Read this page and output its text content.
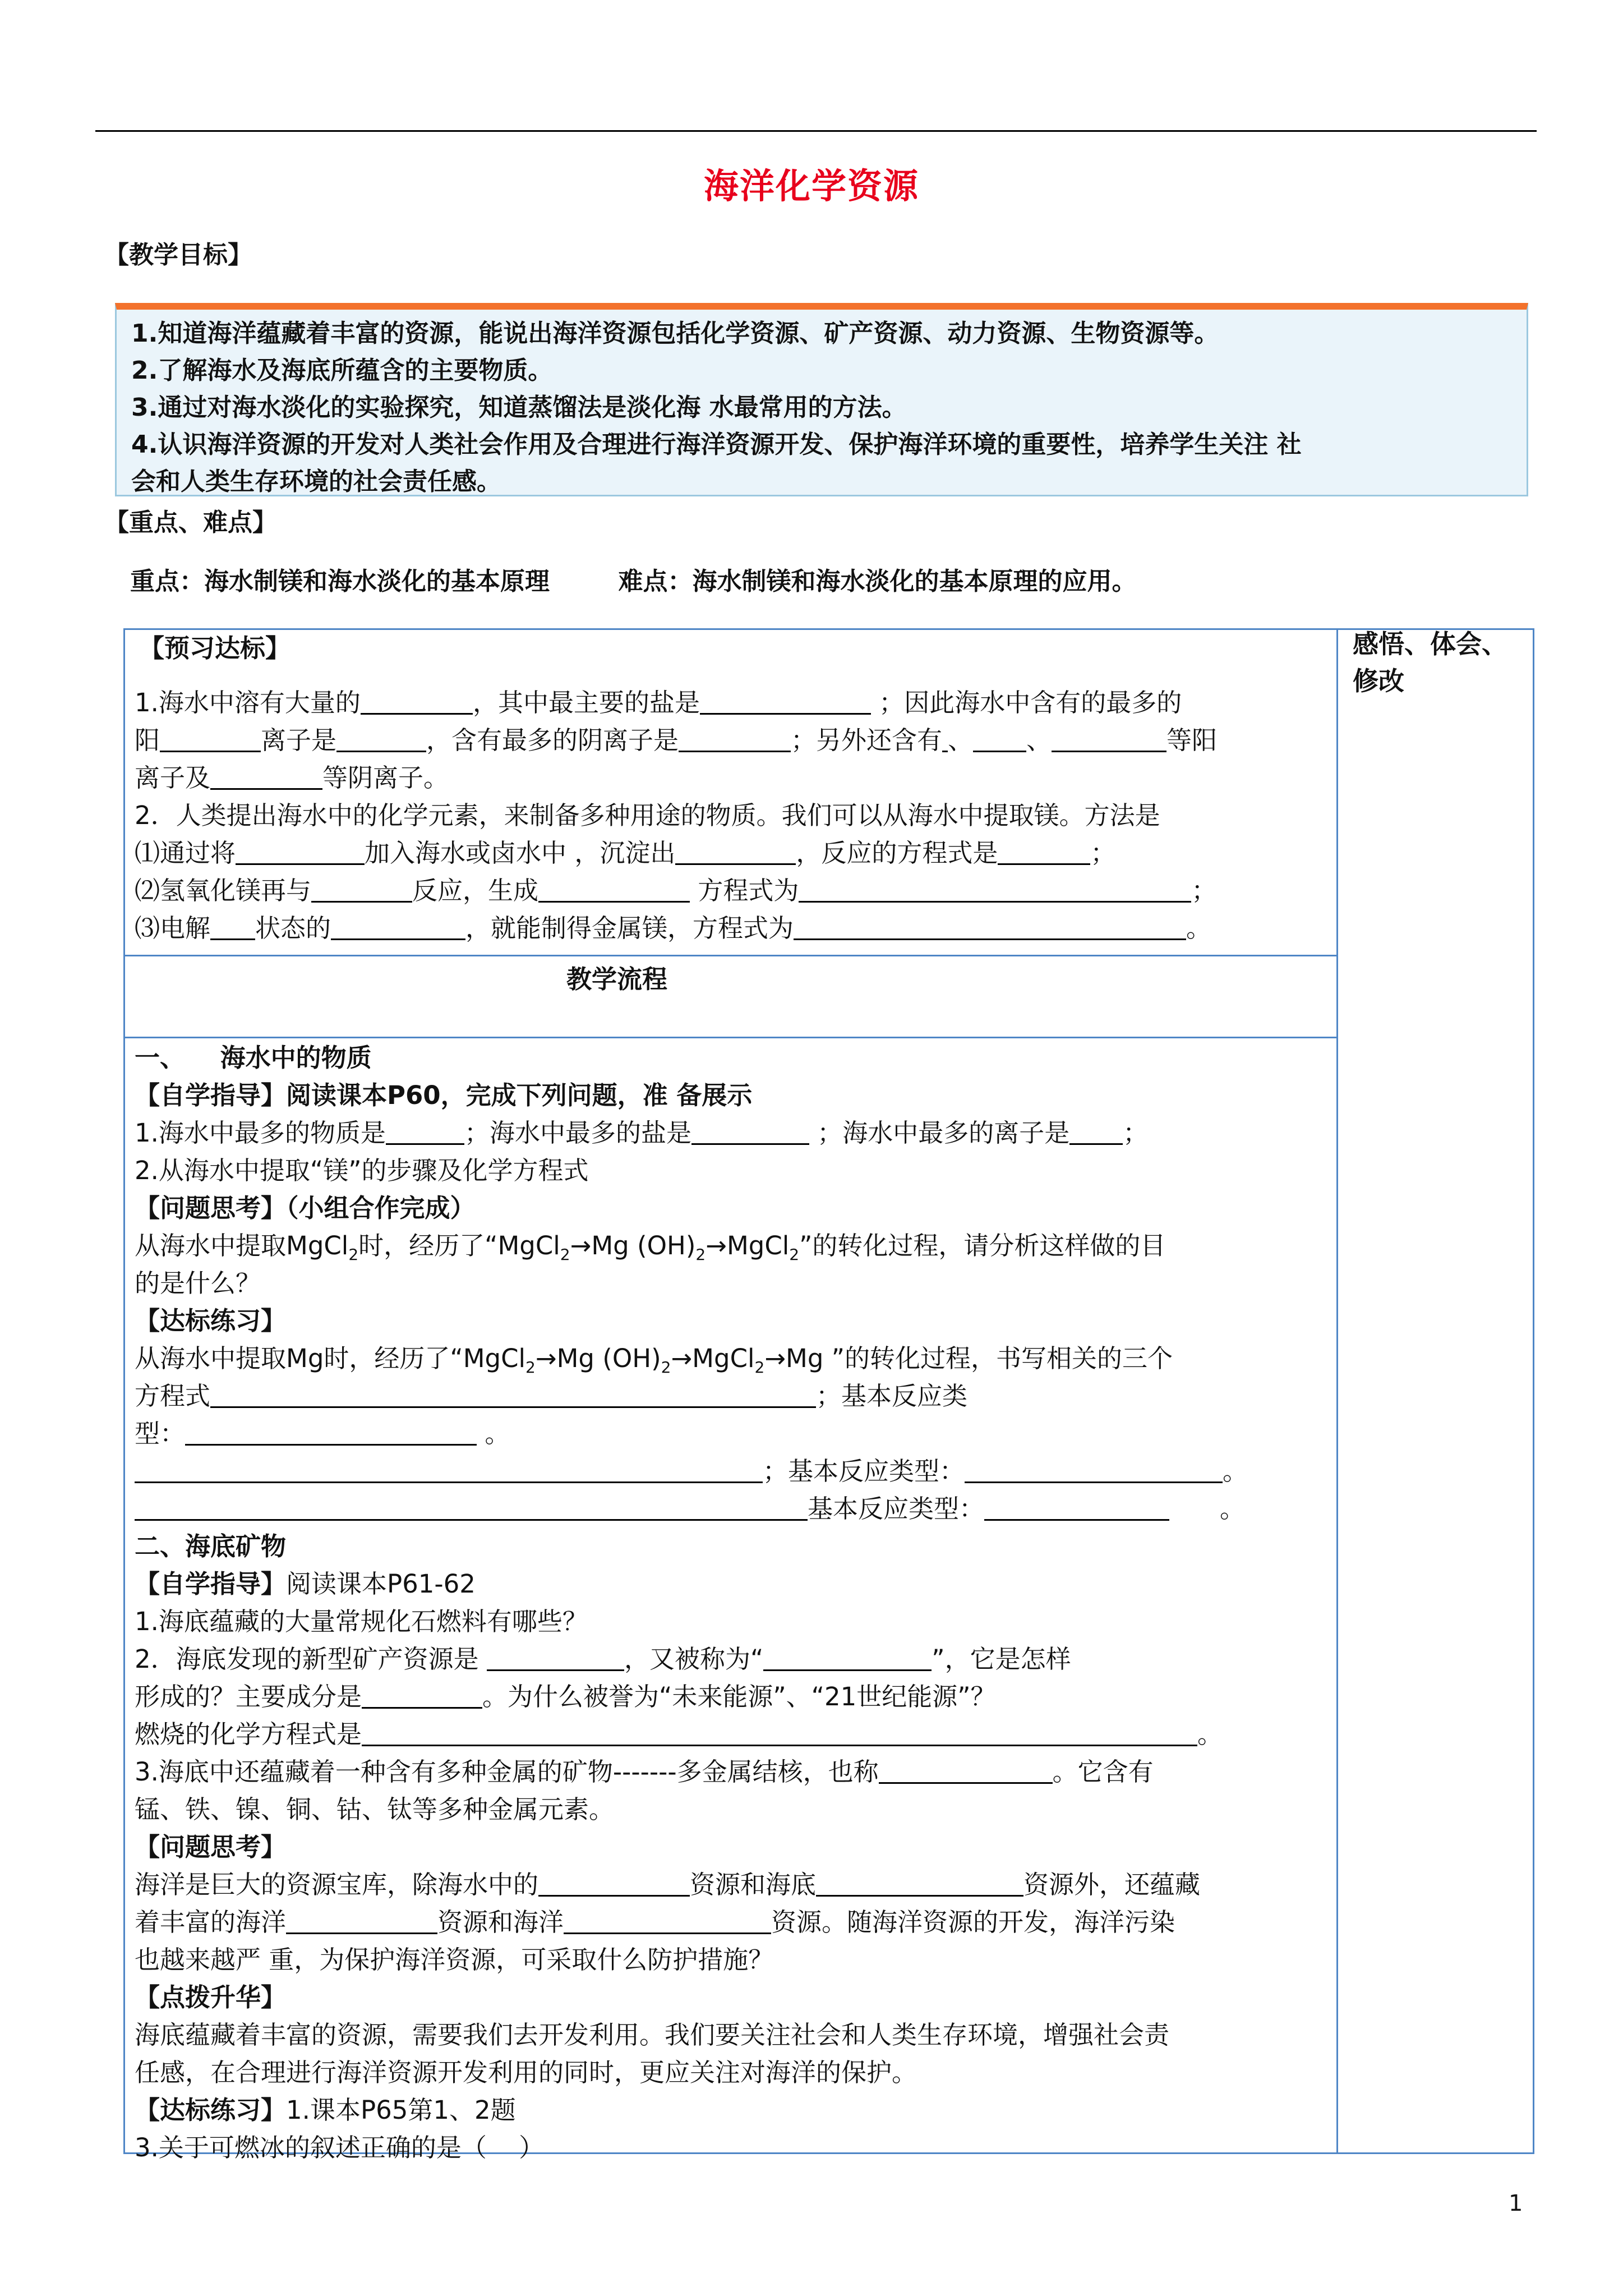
海洋化学资源
【教学目标】
1.知道海洋蕴藏着丰富的资源，能说出海洋资源包括化学资源、矿产资源、动力资源、生物资源等。
2.了解海水及海底所蕴含的主要物质。
3.通过对海水淡化的实验探究，知道蒸馏法是淡化海 水最常用的方法。
4.认识海洋资源的开发对人类社会作用及合理进行海洋资源开发、保护海洋环境的重要性，培养学生关注 社
会和人类生存环境的社会责任感。
【重点、难点】
重点：海水制镁和海水淡化的基本原理	难点：海水制镁和海水淡化的基本原理的应用。
感悟、体会、修改
【预习达标】
1.海水中溶有大量的	，其中最主要的盐是	；因此海水中含有的最多的
阳	离子是	，含有最多的阴离子是	；另外还含有 、 、	等阳
离子及	等阴离子。
2．人类提出海水中的化学元素，来制备多种用途的物质。我们可以从海水中提取镁。方法是
⑴通过将	加入海水或卤水中 ，沉淀出	，反应的方程式是	；
⑵氢氧化镁再与	反应，生成	方程式为	；
⑶电解 状态的	，就能制得金属镁，方程式为	。
教学流程
一、    海水中的物质
【自学指导】阅读课本P60，完成下列问题，准 备展示
1.海水中最多的物质是	；海水中最多的盐是	；海水中最多的离子是 ；
2.从海水中提取“镁”的步骤及化学方程式
【问题思考】（小组合作完成）
从海水中提取MgCl$_2$时，经历了“MgCl$_2$→Mg $(OH)_2\to MgCl_2$”的转化过程，请分析这样做的目
的是什么？
【达标练习】
从海水中提取Mg时，经历了“MgCl$_2$→Mg $(OH)_2\to MgCl_2\to Mg$ ”的转化过程，书写相关的三个
方程式	；基本反应类
型：	。
；基本反应类型：	。
基本反应类型：	。
二、海底矿物
【自学指导】阅读课本P61-62
1.海底蕴藏的大量常规化石燃料有哪些？
2．海底发现的新型矿产资源是	，又被称为“	”，它是怎样
形成的？主要成分是	。为什么被誉为“未来能源”、“21世纪能源”？
燃烧的化学方程式是	。
3.海底中还蕴藏着一种含有多种金属的矿物-------多金属结核，也称	。它含有
锰、铁、镍、铜、钴、钛等多种金属元素。
【问题思考】
海洋是巨大的资源宝库，除海水中的	资源和海底	资源外，还蕴藏
着丰富的海洋	资源和海洋	资源。随海洋资源的开发，海洋污染
也越来越严 重，为保护海洋资源，可采取什么防护措施？
【点拨升华】
海底蕴藏着丰富的资源，需要我们去开发利用。我们要关注社会和人类生存环境，增强社会责
任感，在合理进行海洋资源开发利用的同时，更应关注对海洋的保护。
【达标练习】1.课本P65第1、2题
3.关于可燃冰的叙述正确的是（    ）
1
